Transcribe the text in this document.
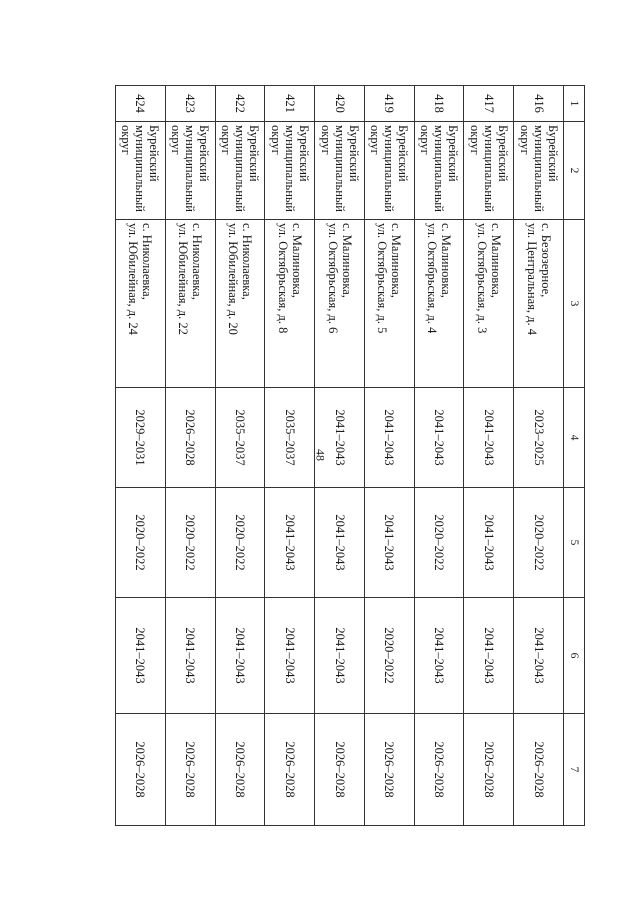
48
1	2	3	4	5	6	7
416	Бурейский муниципальный округ	с. Безозерное,
ул. Центральная, д. 4	2023–2025	2020–2022	2041–2043	2026–2028
417	Бурейский муниципальный округ	с. Малиновка,
ул. Октябрьская, д. 3	2041–2043	2041–2043	2041–2043	2026–2028
418	Бурейский муниципальный округ	с. Малиновка,
ул. Октябрьская, д. 4	2041–2043	2020–2022	2041–2043	2026–2028
419	Бурейский муниципальный округ	с. Малиновка,
ул. Октябрьская, д. 5	2041–2043	2041–2043	2020–2022	2026–2028
420	Бурейский муниципальный округ	с. Малиновка,
ул. Октябрьская, д. 6	2041–2043	2041–2043	2041–2043	2026–2028
421	Бурейский муниципальный округ	с. Малиновка,
ул. Октябрьская, д. 8	2035–2037	2041–2043	2041–2043	2026–2028
422	Бурейский муниципальный округ	с. Николаевка,
ул. Юбилейная, д. 20	2035–2037	2020–2022	2041–2043	2026–2028
423	Бурейский муниципальный округ	с. Николаевка,
ул. Юбилейная, д. 22	2026–2028	2020–2022	2041–2043	2026–2028
424	Бурейский муниципальный округ	с. Николаевка,
ул. Юбилейная, д. 24	2029–2031	2020–2022	2041–2043	2026–2028
